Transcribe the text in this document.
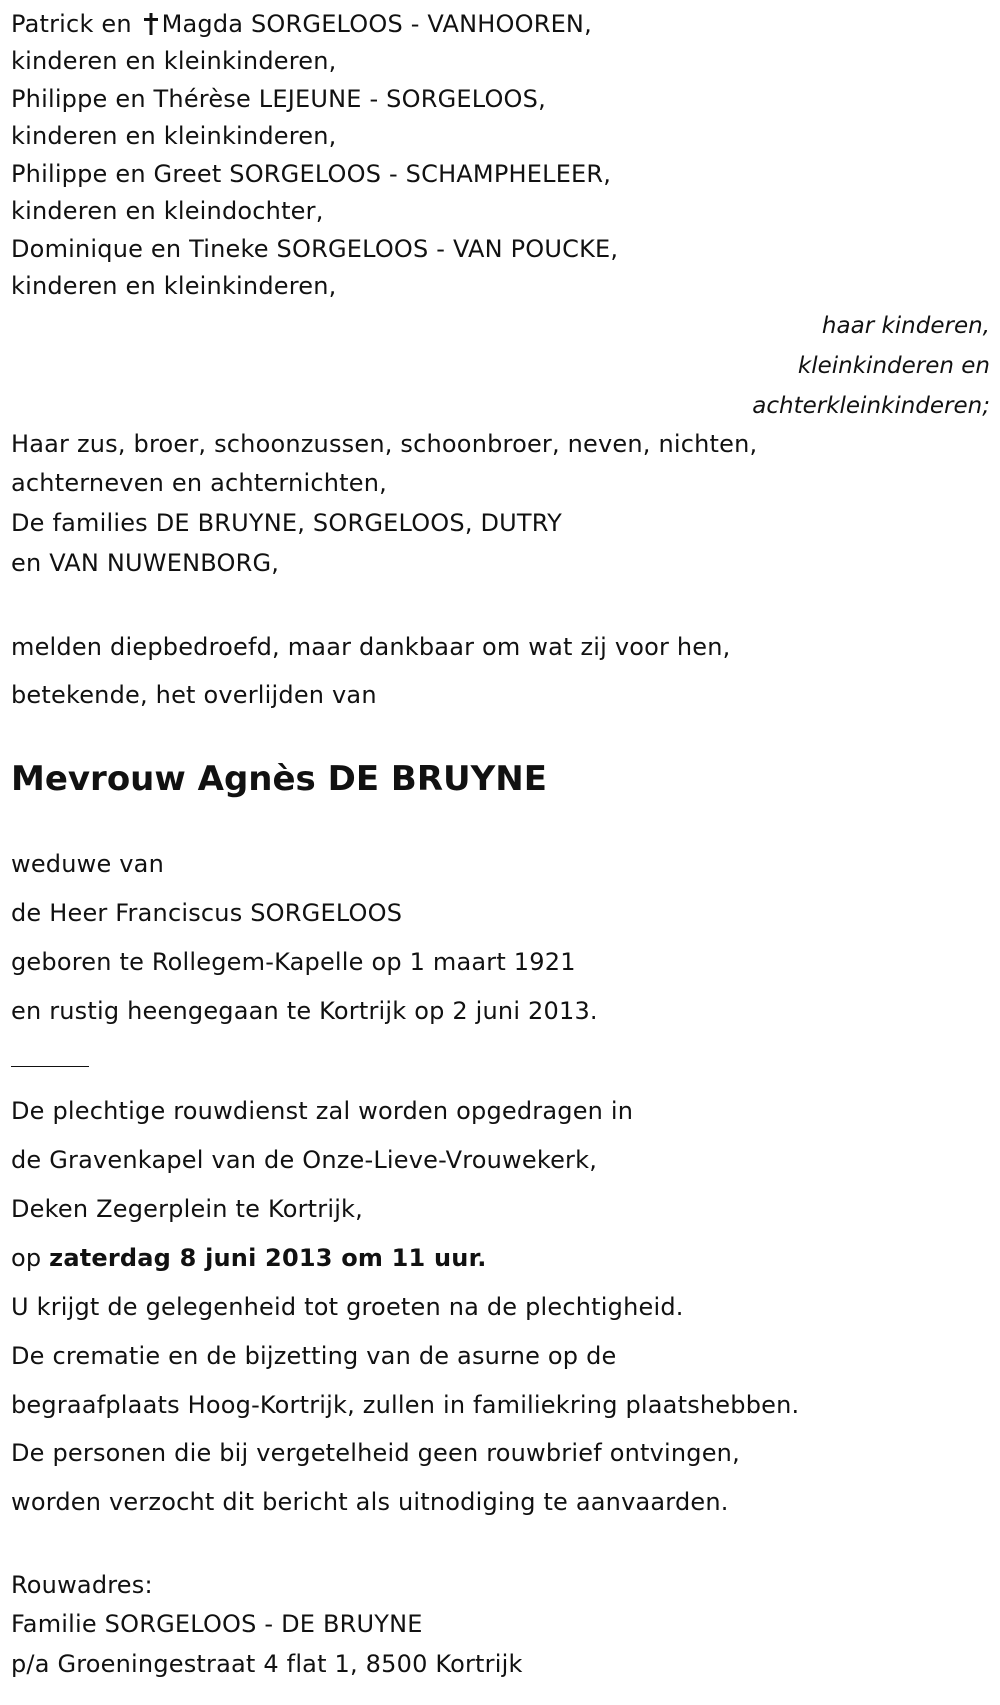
Patrick en
Magda SORGELOOS - VANHOOREN,
kinderen en kleinkinderen,
Philippe en Thérèse LEJEUNE - SORGELOOS,
kinderen en kleinkinderen,
Philippe en Greet SORGELOOS - SCHAMPHELEER,
kinderen en kleindochter,
Dominique en Tineke SORGELOOS - VAN POUCKE,
kinderen en kleinkinderen,
haar kinderen,
kleinkinderen en
achterkleinkinderen;
Haar zus, broer, schoonzussen, schoonbroer, neven, nichten,
achterneven en achternichten,
De families DE BRUYNE, SORGELOOS, DUTRY
en VAN NUWENBORG,
melden diepbedroefd, maar dankbaar om wat zij voor hen,
betekende, het overlijden van
Mevrouw Agnès DE BRUYNE
weduwe van
de Heer Franciscus SORGELOOS
geboren te Rollegem-Kapelle op 1 maart 1921
en rustig heengegaan te Kortrijk op 2 juni 2013.
De plechtige rouwdienst zal worden opgedragen in
de Gravenkapel van de Onze-Lieve-Vrouwekerk,
Deken Zegerplein te Kortrijk,
op zaterdag 8 juni 2013 om 11 uur.
U krijgt de gelegenheid tot groeten na de plechtigheid.
De crematie en de bijzetting van de asurne op de
begraafplaats Hoog-Kortrijk, zullen in familiekring plaatshebben.
De personen die bij vergetelheid geen rouwbrief ontvingen,
worden verzocht dit bericht als uitnodiging te aanvaarden.
Rouwadres:
Familie SORGELOOS - DE BRUYNE
p/a Groeningestraat 4 flat 1, 8500 Kortrijk
